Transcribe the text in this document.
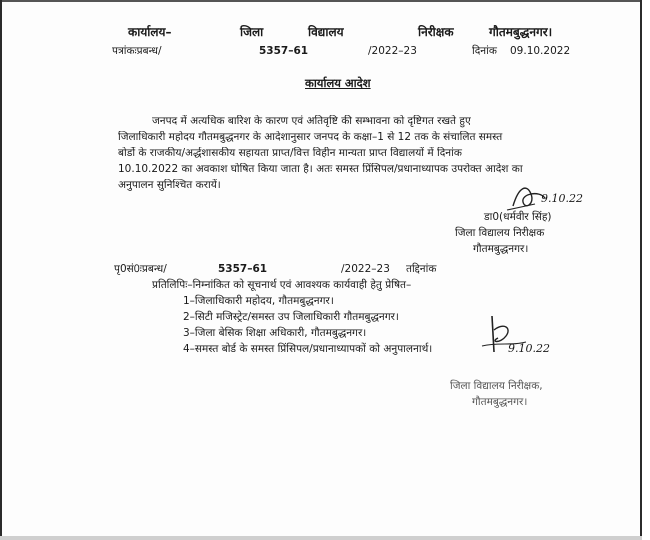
कार्यालय–	जिला	विद्यालय	निरीक्षक	गौतमबुद्धनगर।
पत्रांकःप्रबन्ध/	5357–61	/2022–23	दिनांक 09.10.2022
कार्यालय आदेश
जनपद में अत्यधिक बारिश के कारण एवं अतिवृष्टि की सम्भावना को दृष्टिगत रखते हुए
जिलाधिकारी महोदय गौतमबुद्धनगर के आदेशानुसार जनपद के कक्षा–1 से 12 तक के संचालित समस्त
बोर्डो के राजकीय/अर्द्धशासकीय सहायता प्राप्त/वित्त विहीन मान्यता प्राप्त विद्यालयों में दिनांक
10.10.2022 का अवकाश घोषित किया जाता है। अतः समस्त प्रिंसिपल/प्रधानाध्यापक उपरोक्त आदेश का
अनुपालन सुनिश्चित करायें।
9.10.22
डा0(धर्मवीर सिंह)
जिला विद्यालय निरीक्षक
गौतमबुद्धनगर।
पृ0सं0ःप्रबन्ध/	5357–61	/2022–23 तद्दिनांक
प्रतिलिपिः–निम्नांकित को सूचनार्थ एवं आवश्यक कार्यवाही हेतु प्रेषित–
1–जिलाधिकारी महोदय, गौतमबुद्धनगर।
2–सिटी मजिस्ट्रेट/समस्त उप जिलाधिकारी गौतमबुद्धनगर।
3–जिला बेसिक शिक्षा अधिकारी, गौतमबुद्धनगर।
4–समस्त बोर्ड के समस्त प्रिंसिपल/प्रधानाध्यापकों को अनुपालनार्थ।	9.10.22
जिला विद्यालय निरीक्षक,
गौतमबुद्धनगर।
